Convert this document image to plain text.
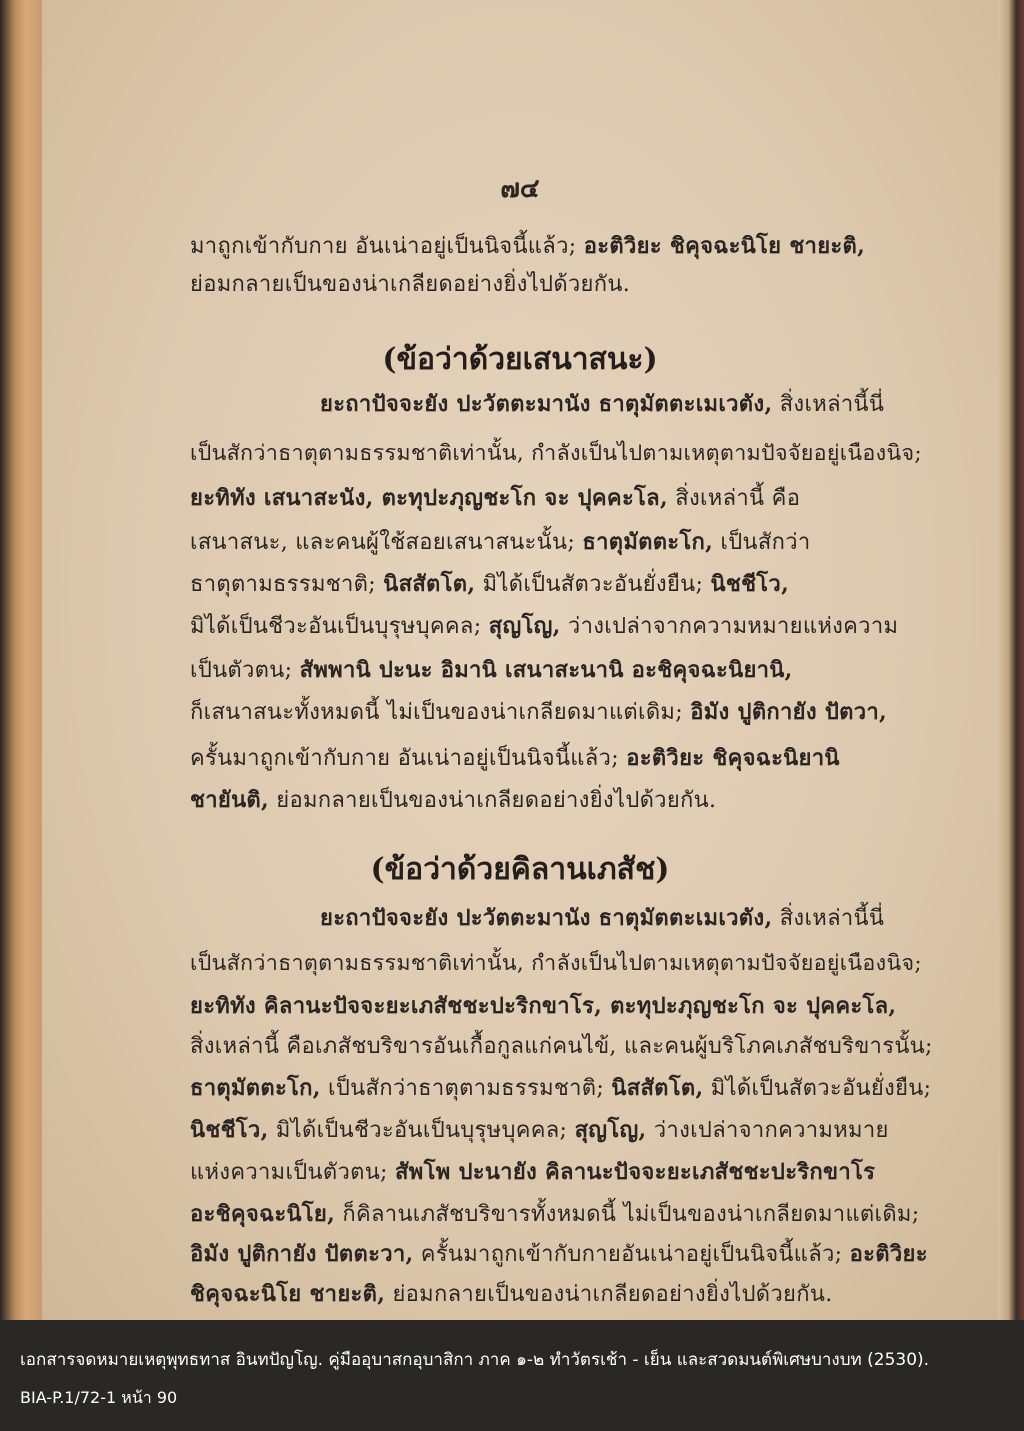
๗๔
มาถูกเข้ากับกาย อันเน่าอยู่เป็นนิจนี้แล้ว; อะติวิยะ ชิคุจฉะนิโย ชายะติ,
ย่อมกลายเป็นของน่าเกลียดอย่างยิ่งไปด้วยกัน.
(ข้อว่าด้วยเสนาสนะ)
ยะถาปัจจะยัง ปะวัตตะมานัง ธาตุมัตตะเมเวตัง, สิ่งเหล่านี้นี่
เป็นสักว่าธาตุตามธรรมชาติเท่านั้น, กำลังเป็นไปตามเหตุตามปัจจัยอยู่เนืองนิจ;
ยะทิทัง เสนาสะนัง, ตะทุปะภุญชะโก จะ ปุคคะโล, สิ่งเหล่านี้ คือ
เสนาสนะ, และคนผู้ใช้สอยเสนาสนะนั้น; ธาตุมัตตะโก, เป็นสักว่า
ธาตุตามธรรมชาติ; นิสสัตโต, มิได้เป็นสัตวะอันยั่งยืน; นิชชีโว,
มิได้เป็นชีวะอันเป็นบุรุษบุคคล; สุญโญ, ว่างเปล่าจากความหมายแห่งความ
เป็นตัวตน; สัพพานิ ปะนะ อิมานิ เสนาสะนานิ อะชิคุจฉะนิยานิ,
ก็เสนาสนะทั้งหมดนี้ ไม่เป็นของน่าเกลียดมาแต่เดิม; อิมัง ปูติกายัง ปัตวา,
ครั้นมาถูกเข้ากับกาย อันเน่าอยู่เป็นนิจนี้แล้ว; อะติวิยะ ชิคุจฉะนิยานิ
ชายันติ, ย่อมกลายเป็นของน่าเกลียดอย่างยิ่งไปด้วยกัน.
(ข้อว่าด้วยคิลานเภสัช)
ยะถาปัจจะยัง ปะวัตตะมานัง ธาตุมัตตะเมเวตัง, สิ่งเหล่านี้นี่
เป็นสักว่าธาตุตามธรรมชาติเท่านั้น, กำลังเป็นไปตามเหตุตามปัจจัยอยู่เนืองนิจ;
ยะทิทัง คิลานะปัจจะยะเภสัชชะปะริกขาโร, ตะทุปะภุญชะโก จะ ปุคคะโล,
สิ่งเหล่านี้ คือเภสัชบริขารอันเกื้อกูลแก่คนไข้, และคนผู้บริโภคเภสัชบริขารนั้น;
ธาตุมัตตะโก, เป็นสักว่าธาตุตามธรรมชาติ; นิสสัตโต, มิได้เป็นสัตวะอันยั่งยืน;
นิชชีโว, มิได้เป็นชีวะอันเป็นบุรุษบุคคล; สุญโญ, ว่างเปล่าจากความหมาย
แห่งความเป็นตัวตน; สัพโพ ปะนายัง คิลานะปัจจะยะเภสัชชะปะริกขาโร
อะชิคุจฉะนิโย, ก็คิลานเภสัชบริขารทั้งหมดนี้ ไม่เป็นของน่าเกลียดมาแต่เดิม;
อิมัง ปูติกายัง ปัตตะวา, ครั้นมาถูกเข้ากับกายอันเน่าอยู่เป็นนิจนี้แล้ว; อะติวิยะ
ชิคุจฉะนิโย ชายะติ, ย่อมกลายเป็นของน่าเกลียดอย่างยิ่งไปด้วยกัน.
เอกสารจดหมายเหตุพุทธทาส อินทปัญโญ. คู่มืออุบาสกอุบาสิกา ภาค ๑-๒ ทำวัตรเช้า - เย็น และสวดมนต์พิเศษบางบท (2530).
BIA-P.1/72-1 หน้า 90
